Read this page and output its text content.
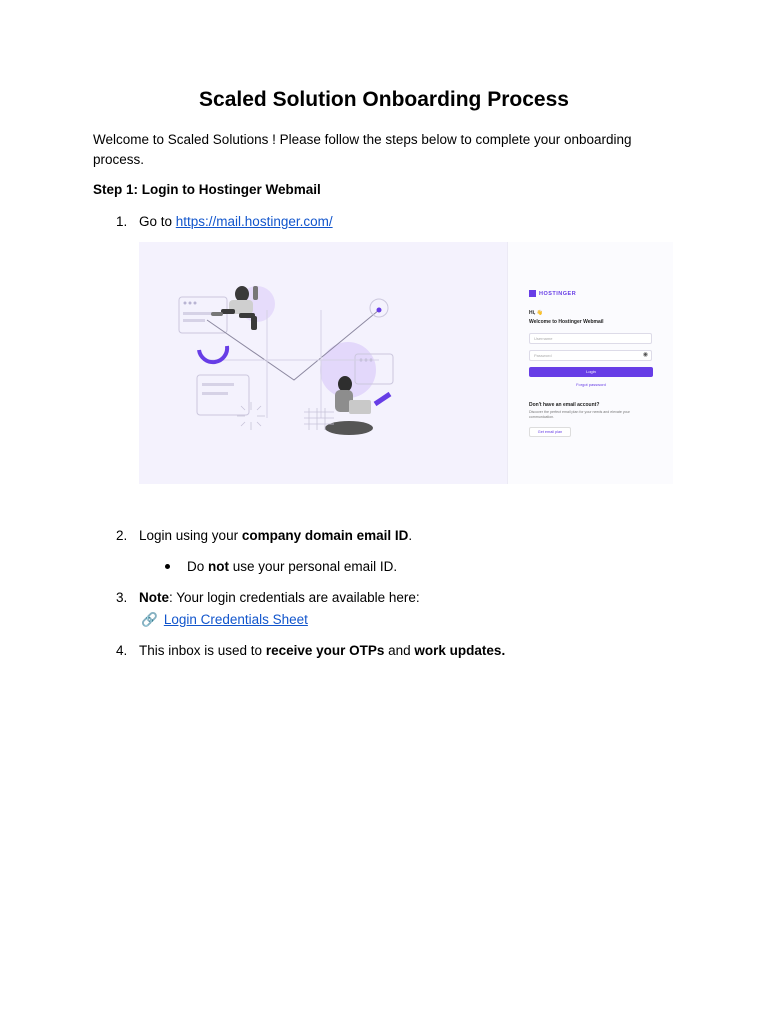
Scaled Solution Onboarding Process

Welcome to Scaled Solutions ! Please follow the steps below to complete your onboarding process.

Step 1: Login to Hostinger Webmail

1. Go to https://mail.hostinger.com/
HOSTINGER
Hi, 👋
Welcome to Hostinger Webmail
Username
Password	◉
Login
Forgot password
Don't have an email account?
Discover the perfect email plan for your needs and elevate your communication.
Get email plan
2. Login using your company domain email ID.
Do not use your personal email ID.
3. Note: Your login credentials are available here:
🔗 Login Credentials Sheet
4. This inbox is used to receive your OTPs and work updates.
